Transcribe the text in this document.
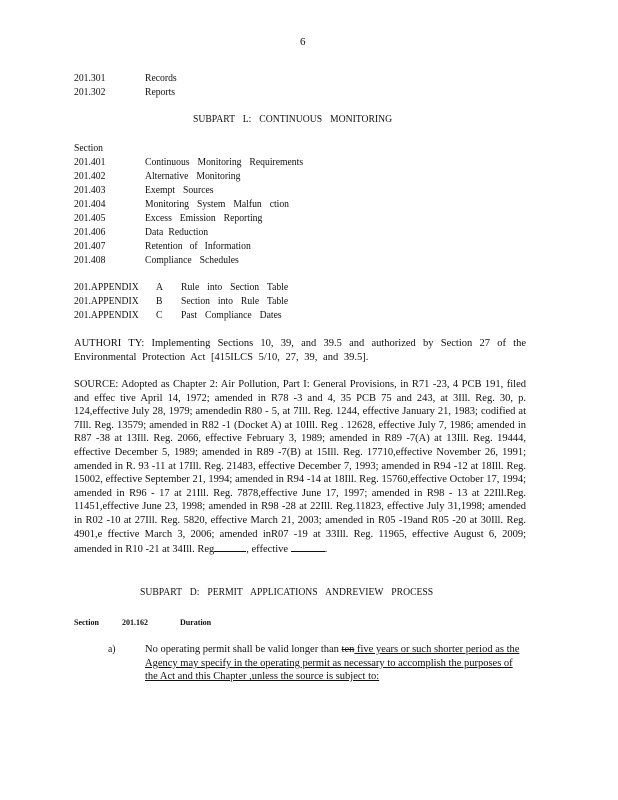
6
201.301	Records
201.302	Reports
SUBPART L: CONTINUOUS MONITORING
Section
201.401	Continuous Monitoring Requirements
201.402	Alternative Monitoring
201.403	Exempt Sources
201.404	Monitoring System Malfun ction
201.405	Excess Emission Reporting
201.406	Data Reduction
201.407	Retention of Information
201.408	Compliance Schedules
201.APPENDIX A Rule into Section Table
201.APPENDIX B Section into Rule Table
201.APPENDIX C Past Compliance Dates
AUTHORI TY: Implementing Sections 10, 39, and 39.5 and authorized by Section 27 of the Environmental Protection Act [415ILCS 5/10, 27, 39, and 39.5].
SOURCE: Adopted as Chapter 2: Air Pollution, Part I: General Provisions, in R71 -23, 4 PCB 191, filed and effec tive April 14, 1972; amended in R78 -3 and 4, 35 PCB 75 and 243, at 3Ill. Reg. 30, p. 124,effective July 28, 1979; amendedin R80 - 5, at 7Ill. Reg. 1244, effective January 21, 1983; codified at 7Ill. Reg. 13579; amended in R82 -1 (Docket A) at 10Ill. Reg . 12628, effective July 7, 1986; amended in R87 -38 at 13Ill. Reg. 2066, effective February 3, 1989; amended in R89 -7(A) at 13Ill. Reg. 19444, effective December 5, 1989; amended in R89 -7(B) at 15Ill. Reg. 17710,effective November 26, 1991; amended in R. 93 -11 at 17Ill. Reg. 21483, effective December 7, 1993; amended in R94 -12 at 18Ill. Reg. 15002, effective September 21, 1994; amended in R94 -14 at 18Ill. Reg. 15760,effective October 17, 1994; amended in R96 - 17 at 21Ill. Reg. 7878,effective June 17, 1997; amended in R98 - 13 at 22Ill.Reg. 11451,effective June 23, 1998; amended in R98 -28 at 22Ill. Reg.11823, effective July 31,1998; amended in R02 -10 at 27Ill. Reg. 5820, effective March 21, 2003; amended in R05 -19and R05 -20 at 30Ill. Reg. 4901,e ffective March 3, 2006; amended inR07 -19 at 33Ill. Reg. 11965, effective August 6, 2009; amended in R10 -21 at 34Ill. Reg	, effective	.
SUBPART D: PERMIT APPLICATIONS ANDREVIEW PROCESS
Section	201.162	Duration
a)	No operating permit shall be valid longer than ten five years or such shorter period as the Agency may specify in the operating permit as necessary to accomplish the purposes of the Act and this Chapter ,unless the source is subject to:
